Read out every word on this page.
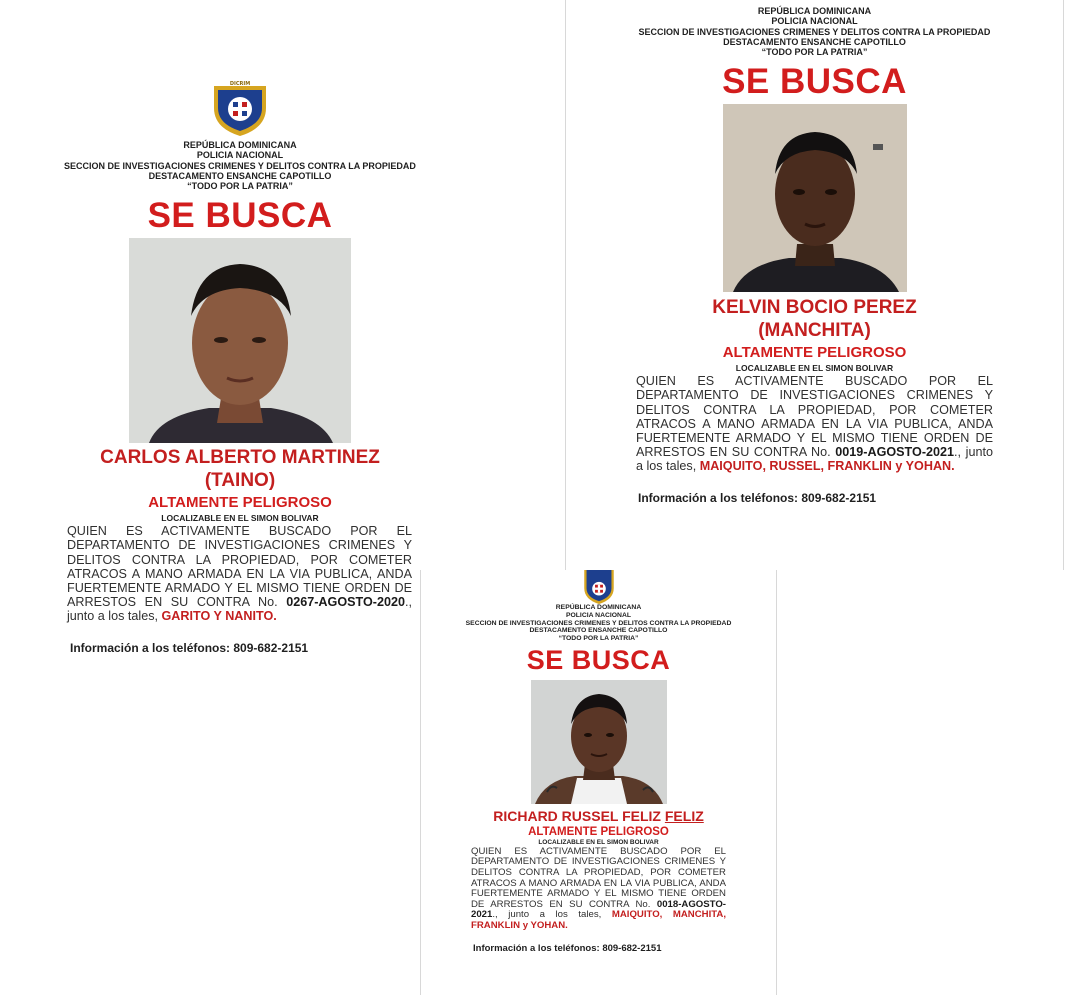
DICRIM
REPÚBLICA DOMINICANA
POLICIA NACIONAL
SECCION DE INVESTIGACIONES CRIMENES Y DELITOS CONTRA LA PROPIEDAD
DESTACAMENTO ENSANCHE CAPOTILLO
“TODO POR LA PATRIA”
SE BUSCA
CARLOS ALBERTO MARTINEZ
(TAINO)
ALTAMENTE PELIGROSO
LOCALIZABLE EN EL SIMON BOLIVAR
QUIEN ES ACTIVAMENTE BUSCADO POR EL DEPARTAMENTO DE INVESTIGACIONES CRIMENES Y DELITOS CONTRA LA PROPIEDAD, POR COMETER ATRACOS A MANO ARMADA EN LA VIA PUBLICA, ANDA FUERTEMENTE ARMADO Y EL MISMO TIENE ORDEN DE ARRESTOS EN SU CONTRA No. 0267-AGOSTO-2020., junto a los tales, GARITO Y NANITO.
Información a los teléfonos: 809-682-2151
REPÚBLICA DOMINICANA
POLICIA NACIONAL
SECCION DE INVESTIGACIONES CRIMENES Y DELITOS CONTRA LA PROPIEDAD
DESTACAMENTO ENSANCHE CAPOTILLO
“TODO POR LA PATRIA”
SE BUSCA
KELVIN BOCIO PEREZ
(MANCHITA)
ALTAMENTE PELIGROSO
LOCALIZABLE EN EL SIMON BOLIVAR
QUIEN ES ACTIVAMENTE BUSCADO POR EL DEPARTAMENTO DE INVESTIGACIONES CRIMENES Y DELITOS CONTRA LA PROPIEDAD, POR COMETER ATRACOS A MANO ARMADA EN LA VIA PUBLICA, ANDA FUERTEMENTE ARMADO Y EL MISMO TIENE ORDEN DE ARRESTOS EN SU CONTRA No. 0019-AGOSTO-2021., junto a los tales, MAIQUITO, RUSSEL, FRANKLIN y YOHAN.
Información a los teléfonos: 809-682-2151
REPÚBLICA DOMINICANA
POLICIA NACIONAL
SECCION DE INVESTIGACIONES CRIMENES Y DELITOS CONTRA LA PROPIEDAD
DESTACAMENTO ENSANCHE CAPOTILLO
“TODO POR LA PATRIA”
SE BUSCA
RICHARD RUSSEL FELIZ FELIZ
ALTAMENTE PELIGROSO
LOCALIZABLE EN EL SIMON BOLIVAR
QUIEN ES ACTIVAMENTE BUSCADO POR EL DEPARTAMENTO DE INVESTIGACIONES CRIMENES Y DELITOS CONTRA LA PROPIEDAD, POR COMETER ATRACOS A MANO ARMADA EN LA VIA PUBLICA, ANDA FUERTEMENTE ARMADO Y EL MISMO TIENE ORDEN DE ARRESTOS EN SU CONTRA No. 0018-AGOSTO-2021., junto a los tales, MAIQUITO, MANCHITA, FRANKLIN y YOHAN.
Información a los teléfonos: 809-682-2151
